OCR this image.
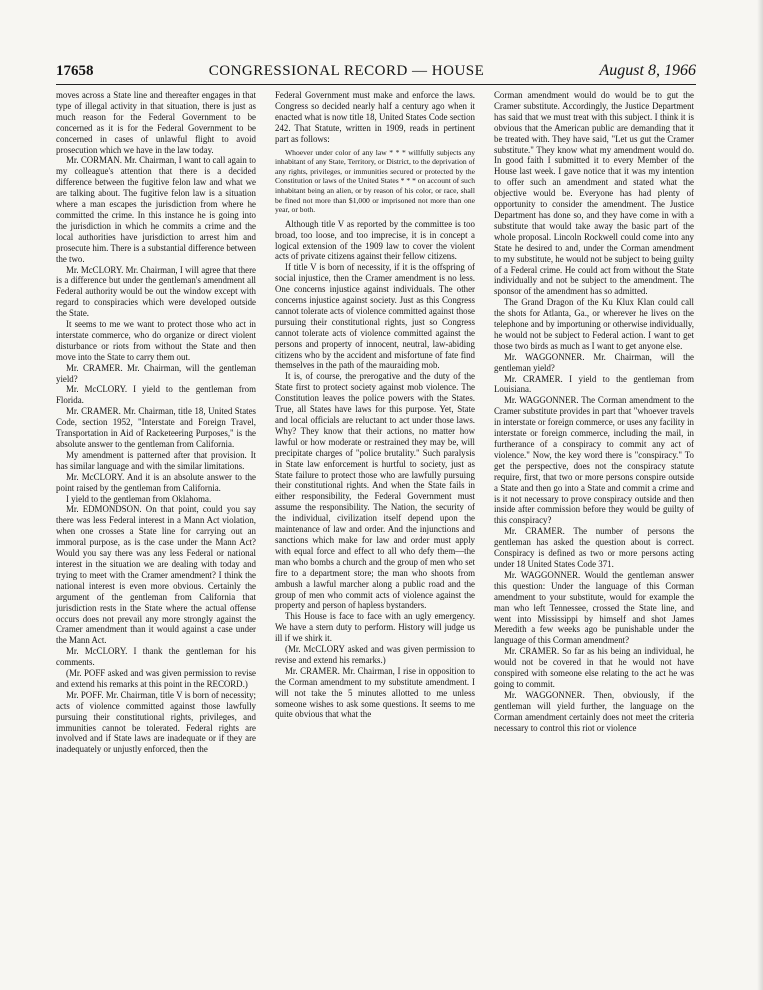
17658	CONGRESSIONAL RECORD — HOUSE	August 8, 1966

moves across a State line and thereafter engages in that type of illegal activity in that situation, there is just as much reason for the Federal Government to be concerned as it is for the Federal Government to be concerned in cases of unlawful flight to avoid prosecution which we have in the law today.

Mr. CORMAN. Mr. Chairman, I want to call again to my colleague's attention that there is a decided difference between the fugitive felon law and what we are talking about. The fugitive felon law is a situation where a man escapes the jurisdiction from where he committed the crime. In this instance he is going into the jurisdiction in which he commits a crime and the local authorities have jurisdiction to arrest him and prosecute him. There is a substantial difference between the two.

Mr. McCLORY. Mr. Chairman, I will agree that there is a difference but under the gentleman's amendment all Federal authority would be out the window except with regard to conspiracies which were developed outside the State.

It seems to me we want to protect those who act in interstate commerce, who do organize or direct violent disturbance or riots from without the State and then move into the State to carry them out.

Mr. CRAMER. Mr. Chairman, will the gentleman yield?

Mr. McCLORY. I yield to the gentleman from Florida.

Mr. CRAMER. Mr. Chairman, title 18, United States Code, section 1952, "Interstate and Foreign Travel, Transportation in Aid of Racketeering Purposes," is the absolute answer to the gentleman from California.

My amendment is patterned after that provision. It has similar language and with the similar limitations.

Mr. McCLORY. And it is an absolute answer to the point raised by the gentleman from California.

I yield to the gentleman from Oklahoma.

Mr. EDMONDSON. On that point, could you say there was less Federal interest in a Mann Act violation, when one crosses a State line for carrying out an immoral purpose, as is the case under the Mann Act? Would you say there was any less Federal or national interest in the situation we are dealing with today and trying to meet with the Cramer amendment? I think the national interest is even more obvious. Certainly the argument of the gentleman from California that jurisdiction rests in the State where the actual offense occurs does not prevail any more strongly against the Cramer amendment than it would against a case under the Mann Act.

Mr. McCLORY. I thank the gentleman for his comments.

(Mr. POFF asked and was given permission to revise and extend his remarks at this point in the RECORD.)

Mr. POFF. Mr. Chairman, title V is born of necessity; acts of violence committed against those lawfully pursuing their constitutional rights, privileges, and immunities cannot be tolerated. Federal rights are involved and if State laws are inadequate or if they are inadequately or unjustly enforced, then the

Federal Government must make and enforce the laws. Congress so decided nearly half a century ago when it enacted what is now title 18, United States Code section 242. That Statute, written in 1909, reads in pertinent part as follows:

Whoever under color of any law * * * willfully subjects any inhabitant of any State, Territory, or District, to the deprivation of any rights, privileges, or immunities secured or protected by the Constitution or laws of the United States * * * on account of such inhabitant being an alien, or by reason of his color, or race, shall be fined not more than $1,000 or imprisoned not more than one year, or both.

Although title V as reported by the committee is too broad, too loose, and too imprecise, it is in concept a logical extension of the 1909 law to cover the violent acts of private citizens against their fellow citizens.

If title V is born of necessity, if it is the offspring of social injustice, then the Cramer amendment is no less. One concerns injustice against individuals. The other concerns injustice against society. Just as this Congress cannot tolerate acts of violence committed against those pursuing their constitutional rights, just so Congress cannot tolerate acts of violence committed against the persons and property of innocent, neutral, law-abiding citizens who by the accident and misfortune of fate find themselves in the path of the mauraiding mob.

It is, of course, the prerogative and the duty of the State first to protect society against mob violence. The Constitution leaves the police powers with the States. True, all States have laws for this purpose. Yet, State and local officials are reluctant to act under those laws. Why? They know that their actions, no matter how lawful or how moderate or restrained they may be, will precipitate charges of "police brutality." Such paralysis in State law enforcement is hurtful to society, just as State failure to protect those who are lawfully pursuing their constitutional rights. And when the State fails in either responsibility, the Federal Government must assume the responsibility. The Nation, the security of the individual, civilization itself depend upon the maintenance of law and order. And the injunctions and sanctions which make for law and order must apply with equal force and effect to all who defy them—the man who bombs a church and the group of men who set fire to a department store; the man who shoots from ambush a lawful marcher along a public road and the group of men who commit acts of violence against the property and person of hapless bystanders.

This House is face to face with an ugly emergency. We have a stern duty to perform. History will judge us ill if we shirk it.

(Mr. McCLORY asked and was given permission to revise and extend his remarks.)

Mr. CRAMER. Mr. Chairman, I rise in opposition to the Corman amendment to my substitute amendment. I will not take the 5 minutes allotted to me unless someone wishes to ask some questions. It seems to me quite obvious that what the

Corman amendment would do would be to gut the Cramer substitute. Accordingly, the Justice Department has said that we must treat with this subject. I think it is obvious that the American public are demanding that it be treated with. They have said, "Let us gut the Cramer substitute." They know what my amendment would do. In good faith I submitted it to every Member of the House last week. I gave notice that it was my intention to offer such an amendment and stated what the objective would be. Everyone has had plenty of opportunity to consider the amendment. The Justice Department has done so, and they have come in with a substitute that would take away the basic part of the whole proposal. Lincoln Rockwell could come into any State he desired to and, under the Corman amendment to my substitute, he would not be subject to being guilty of a Federal crime. He could act from without the State individually and not be subject to the amendment. The sponsor of the amendment has so admitted.

The Grand Dragon of the Ku Klux Klan could call the shots for Atlanta, Ga., or wherever he lives on the telephone and by importuning or otherwise individually, he would not be subject to Federal action. I want to get those two birds as much as I want to get anyone else.

Mr. WAGGONNER. Mr. Chairman, will the gentleman yield?

Mr. CRAMER. I yield to the gentleman from Louisiana.

Mr. WAGGONNER. The Corman amendment to the Cramer substitute provides in part that "whoever travels in interstate or foreign commerce, or uses any facility in interstate or foreign commerce, including the mail, in furtherance of a conspiracy to commit any act of violence." Now, the key word there is "conspiracy." To get the perspective, does not the conspiracy statute require, first, that two or more persons conspire outside a State and then go into a State and commit a crime and is it not necessary to prove conspiracy outside and then inside after commission before they would be guilty of this conspiracy?

Mr. CRAMER. The number of persons the gentleman has asked the question about is correct. Conspiracy is defined as two or more persons acting under 18 United States Code 371.

Mr. WAGGONNER. Would the gentleman answer this question: Under the language of this Corman amendment to your substitute, would for example the man who left Tennessee, crossed the State line, and went into Mississippi by himself and shot James Meredith a few weeks ago be punishable under the language of this Corman amendment?

Mr. CRAMER. So far as his being an individual, he would not be covered in that he would not have conspired with someone else relating to the act he was going to commit.

Mr. WAGGONNER. Then, obviously, if the gentleman will yield further, the language on the Corman amendment certainly does not meet the criteria necessary to control this riot or violence
